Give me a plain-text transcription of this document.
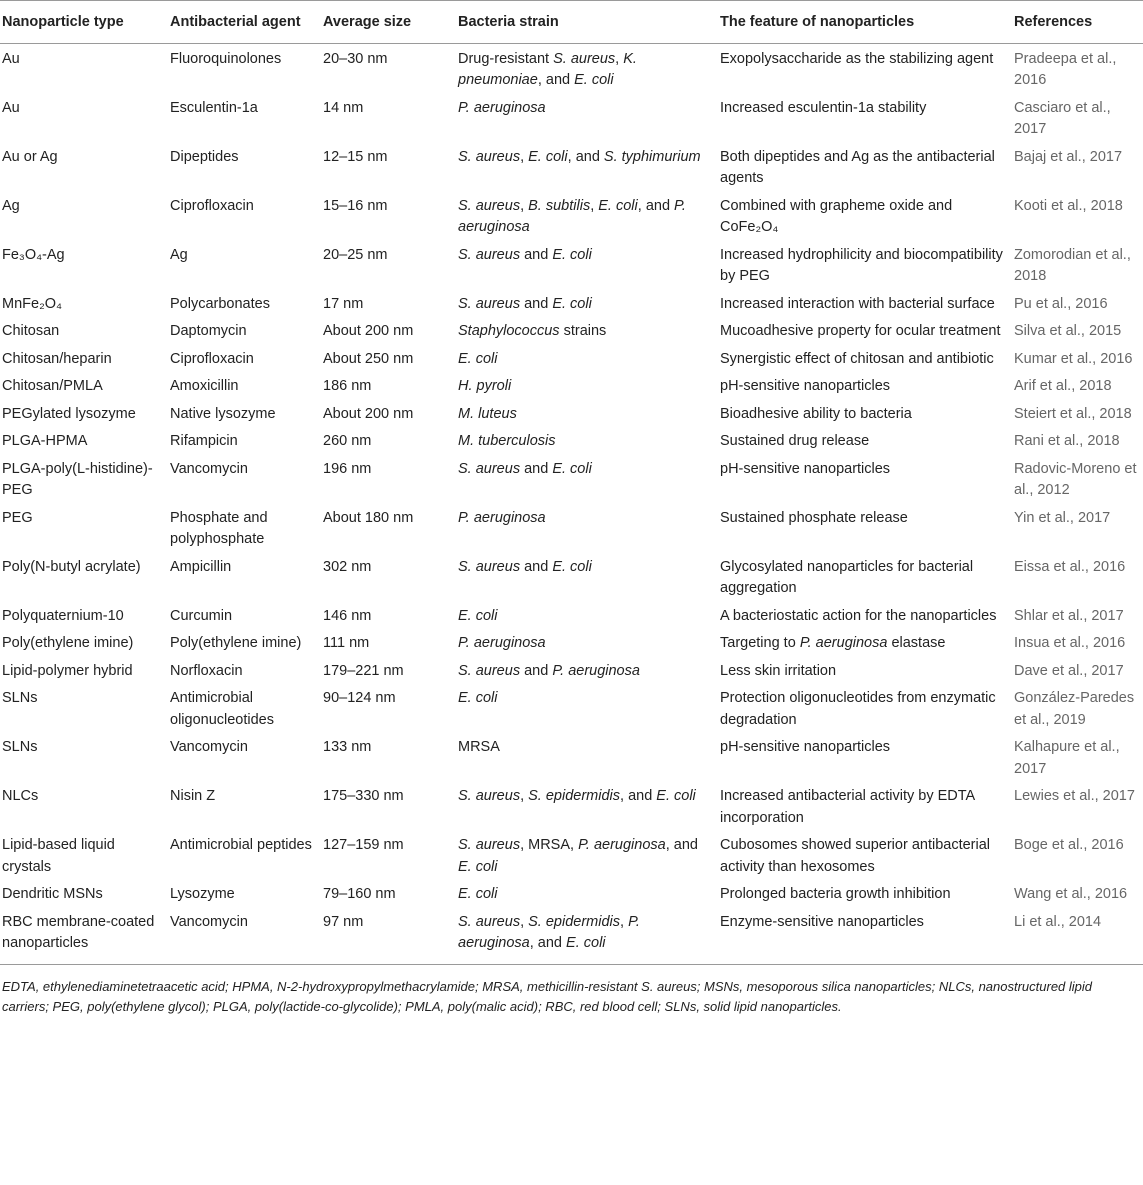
Nanoparticle type	Antibacterial agent	Average size	Bacteria strain	The feature of nanoparticles	References
Au	Fluoroquinolones	20–30 nm	Drug-resistant S. aureus, K. pneumoniae, and E. coli	Exopolysaccharide as the stabilizing agent	Pradeepa et al., 2016
Au	Esculentin-1a	14 nm	P. aeruginosa	Increased esculentin-1a stability	Casciaro et al., 2017
Au or Ag	Dipeptides	12–15 nm	S. aureus, E. coli, and S. typhimurium	Both dipeptides and Ag as the antibacterial agents	Bajaj et al., 2017
Ag	Ciprofloxacin	15–16 nm	S. aureus, B. subtilis, E. coli, and P. aeruginosa	Combined with grapheme oxide and CoFe₂O₄	Kooti et al., 2018
Fe₃O₄-Ag	Ag	20–25 nm	S. aureus and E. coli	Increased hydrophilicity and biocompatibility by PEG	Zomorodian et al., 2018
MnFe₂O₄	Polycarbonates	17 nm	S. aureus and E. coli	Increased interaction with bacterial surface	Pu et al., 2016
Chitosan	Daptomycin	About 200 nm	Staphylococcus strains	Mucoadhesive property for ocular treatment	Silva et al., 2015
Chitosan/heparin	Ciprofloxacin	About 250 nm	E. coli	Synergistic effect of chitosan and antibiotic	Kumar et al., 2016
Chitosan/PMLA	Amoxicillin	186 nm	H. pyroli	pH-sensitive nanoparticles	Arif et al., 2018
PEGylated lysozyme	Native lysozyme	About 200 nm	M. luteus	Bioadhesive ability to bacteria	Steiert et al., 2018
PLGA-HPMA	Rifampicin	260 nm	M. tuberculosis	Sustained drug release	Rani et al., 2018
PLGA-poly(L-histidine)-PEG	Vancomycin	196 nm	S. aureus and E. coli	pH-sensitive nanoparticles	Radovic-Moreno et al., 2012
PEG	Phosphate and polyphosphate	About 180 nm	P. aeruginosa	Sustained phosphate release	Yin et al., 2017
Poly(N-butyl acrylate)	Ampicillin	302 nm	S. aureus and E. coli	Glycosylated nanoparticles for bacterial aggregation	Eissa et al., 2016
Polyquaternium-10	Curcumin	146 nm	E. coli	A bacteriostatic action for the nanoparticles	Shlar et al., 2017
Poly(ethylene imine)	Poly(ethylene imine)	111 nm	P. aeruginosa	Targeting to P. aeruginosa elastase	Insua et al., 2016
Lipid-polymer hybrid	Norfloxacin	179–221 nm	S. aureus and P. aeruginosa	Less skin irritation	Dave et al., 2017
SLNs	Antimicrobial oligonucleotides	90–124 nm	E. coli	Protection oligonucleotides from enzymatic degradation	González-Paredes et al., 2019
SLNs	Vancomycin	133 nm	MRSA	pH-sensitive nanoparticles	Kalhapure et al., 2017
NLCs	Nisin Z	175–330 nm	S. aureus, S. epidermidis, and E. coli	Increased antibacterial activity by EDTA incorporation	Lewies et al., 2017
Lipid-based liquid crystals	Antimicrobial peptides	127–159 nm	S. aureus, MRSA, P. aeruginosa, and E. coli	Cubosomes showed superior antibacterial activity than hexosomes	Boge et al., 2016
Dendritic MSNs	Lysozyme	79–160 nm	E. coli	Prolonged bacteria growth inhibition	Wang et al., 2016
RBC membrane-coated nanoparticles	Vancomycin	97 nm	S. aureus, S. epidermidis, P. aeruginosa, and E. coli	Enzyme-sensitive nanoparticles	Li et al., 2014
EDTA, ethylenediaminetetraacetic acid; HPMA, N-2-hydroxypropylmethacrylamide; MRSA, methicillin-resistant S. aureus; MSNs, mesoporous silica nanoparticles; NLCs, nanostructured lipid carriers; PEG, poly(ethylene glycol); PLGA, poly(lactide-co-glycolide); PMLA, poly(malic acid); RBC, red blood cell; SLNs, solid lipid nanoparticles.
